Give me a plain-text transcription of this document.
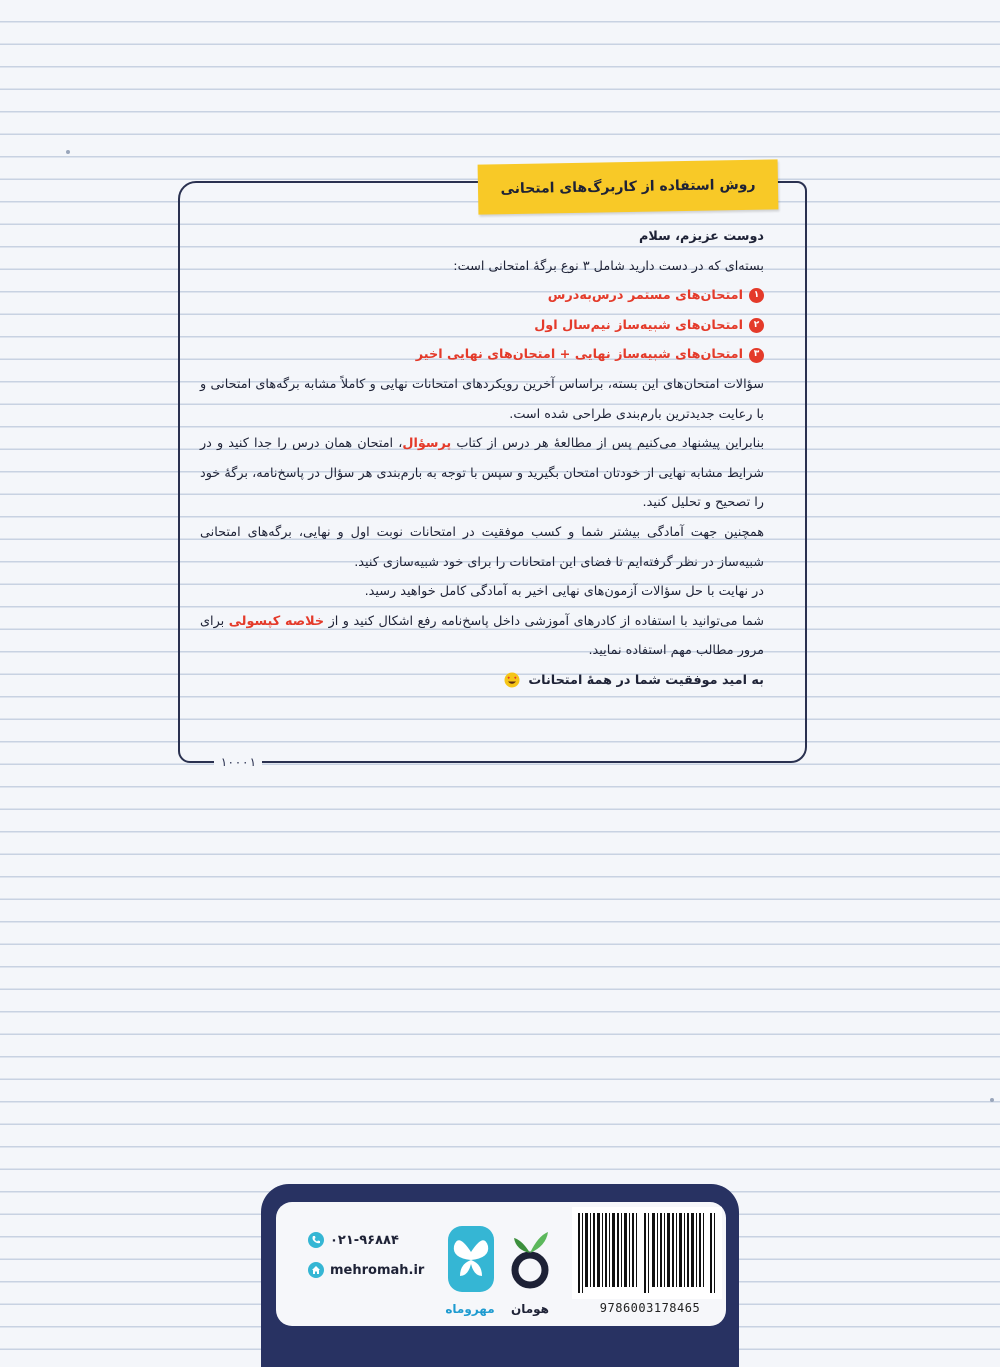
روش استفاده از کاربرگ‌های امتحانی

دوست عزیزم، سلام

بسته‌ای که در دست دارید شامل ۳ نوع برگهٔ امتحانی است:

۱
امتحان‌های مستمر درس‌به‌درس

۲
امتحان‌های شبیه‌ساز نیم‌سال اول

۳
امتحان‌های شبیه‌ساز نهایی + امتحان‌های نهایی اخیر

سؤالات امتحان‌های این بسته، براساس آخرین رویکردهای امتحانات نهایی و کاملاً مشابه برگه‌های امتحانی و با رعایت جدیدترین بارم‌بندی طراحی شده است.

بنابراین پیشنهاد می‌کنیم پس از مطالعهٔ هر درس از کتاب پرسؤال، امتحان همان درس را جدا کنید و در شرایط مشابه نهایی از خودتان امتحان بگیرید و سپس با توجه به بارم‌بندی هر سؤال در پاسخ‌نامه، برگهٔ خود را تصحیح و تحلیل کنید.

همچنین جهت آمادگی بیشتر شما و کسب موفقیت در امتحانات نوبت اول و نهایی، برگه‌های امتحانی شبیه‌ساز در نظر گرفته‌ایم تا فضای این امتحانات را برای خود شبیه‌سازی کنید.

در نهایت با حل سؤالات آزمون‌های نهایی اخیر به آمادگی کامل خواهید رسید.

شما می‌توانید با استفاده از کادرهای آموزشی داخل پاسخ‌نامه رفع اشکال کنید و از خلاصه کپسولی برای مرور مطالب مهم استفاده نمایید.

به امید موفقیت شما در همهٔ امتحانات

۱۰۰۰۱
9786003178465
هومان
مهروماه
۰۲۱-۹۶۸۸۴
mehromah.ir
